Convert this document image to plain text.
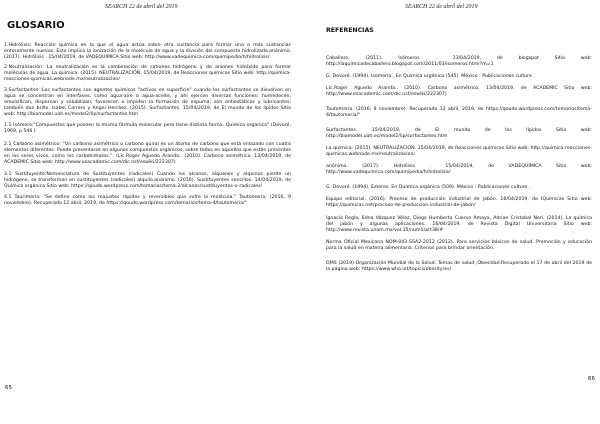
SEARCH 22 de abril del 2019
GLOSARIO

1.Hidrólisis: Reacción química en la que el agua actúa sobre otra sustancia para formar una o más sustancias enteramente nuevas. Esto implica la ionización de la molécula de agua y la división del compuesto hidrolizado.anónimo. (2017). Hidrólisis . 15/04/2019, de VADEQUÍMICA Sitio web: http://www.vadequimica.com/quimipedia/h/hidrolisis/

2.Neutralización: La neutralización es la combinación de cationes hidrógeno y de aniones hidróxido para formar moléculas de agua. La química. (2015). NEUTRALIZACIÓN. 15/04/2019, de Reacciones químicas Sitio web: http://quimica-reacciones-quimicas.webnode.mx/neutralizacion/

3.Surfactantes :Los surfactantes son agentes químicos "activos en superficie" cuando los surfactantes se disuelven en agua se concentran en interfases, como agua-aire o agua-aceite, y ahí ejercen diversas funciones: humedecen, emulsifican, dispersan y solubilizan; favorecen o impiden la formación de espuma; son antiestáticos y lubricantes; también dan brillo. Isabel Carrero y Angel Herráez. (2015). Surfactantes. 15/04/2019, de El mundo de los lípidos Sitio web: http://biomodel.uah.es/model2/lip/surfactantes.htm

1.1 Isómero:"Compuestos que poseen la misma fórmula molecular pero tiene distinta forma. Química orgánica" (Devoré, 1969, p.546 )

2.1 Carbono asimétrico: "Un carbono asimétrico o carbono quiral es un átomo de carbono que está enlazado con cuatro elementos diferentes. Puede presentarse en algunos compuestos orgánicos, sobre todos en aquellos que están presentes en los seres vivos, como los carbohidratos.". (Lic.Roger Aguedo Aranda.. (2010). Carbono asimétrico. 13/04/2019, de ACADEMIC Sitio web: http://www.esacademic.com/dic.nsf/eswiki/222307)

3.1 Sustituyente:Nomenclatura de Sustituyentes (radicales) Cuando los alcanos, alquenos y alquinos pierde un hidrógeno, se transforman en sustituyentes (radicales) alquilo.anónimo. (2016). Sustituyentes sencillos. 14/04/2019, de Química orgánica Sitio web: https://qoudo.wordpress.com/temarios/tema-2/alcanos/sustituyentes-o-radicales/

4.1 Taurimeria: "Se define como los reajustes rápidos y reversibles que sufre la molécula." Tautomería. (2016, 9 noviembre). Recuperado 12 abril, 2019, de https://qoudo.wordpress.com/temarios/tema-4/tautomeria/"

65
SEARCH 22 de abril del 2019
REFERENCIAS

Caballero. (2011). Isómeros . 13/04/2019, de blogspot Sitio web: http://laquimicadecaballero.blogspot.com/2011/03/isomeros.html?m=1

G. Devoré. (1994). Isomería . En Química orgánica (545). México : Publicaciones culture .

Lic.Roger Aguedo Aranda.. (2010). Carbono asimétrico. 13/04/2019, de ACADEMIC Sitio web: http://www.esacademic.com/dic.nsf/eswiki/222307)

Tautomería. (2016, 9 noviembre). Recuperado 12 abril, 2019, de https://qoudo.wordpress.com/temarios/tema-4/tautomeria/"

Surfactantes. 15/04/2019, de El mundo de los lípidos Sitio web: http://biomodel.uah.es/model2/lip/surfactantes.htm

La química. (2015). NEUTRALIZACIÓN. 15/04/2019, de Reacciones químicas Sitio web: http://quimica-reacciones-quimicas.webnode.mx/neutralizacion/

anónimo. (2017). Hidrólisis . 15/04/2019, de VADEQUÍMICA Sitio web: http://www.vadequimica.com/quimipedia/h/hidrolisis/

G. Devoré. (1994). Ésteres. En Química orgánica (509). México : Publicaciones culture .

Equipo editorial. (2016). Proceso de producción industrial de jabón. 16/04/2019, de IQuímicas Sitio web: https://quimicas.net/proceso-de-produccion-industrial-de-jabon/

Ignacio Regla, Edna Vázquez Vélez, Diego Humberto Cuervo Amaya, Adrian Cristobal Neri. (2014). La química del jabón y algunas aplicaciones. 16/04/2019, de Revista Digital Universitaria Sitio web: http://www.revista.unam.mx/vol.15/num5/art38/#

Norma Oficial Mexicana NOM-043-SSA2-2012 (2012). Para servicios básicos de salud. Promoción y educación para la salud en materia alimentaria. Criterios para brindar orientación.

OMS (2019) Organización Mundial de la Salud. Temas de salud ,Obesidad.Recuperado el 17 de abril del 2019 de la página web: https://www.who.int/topics/obesity/es/

66
